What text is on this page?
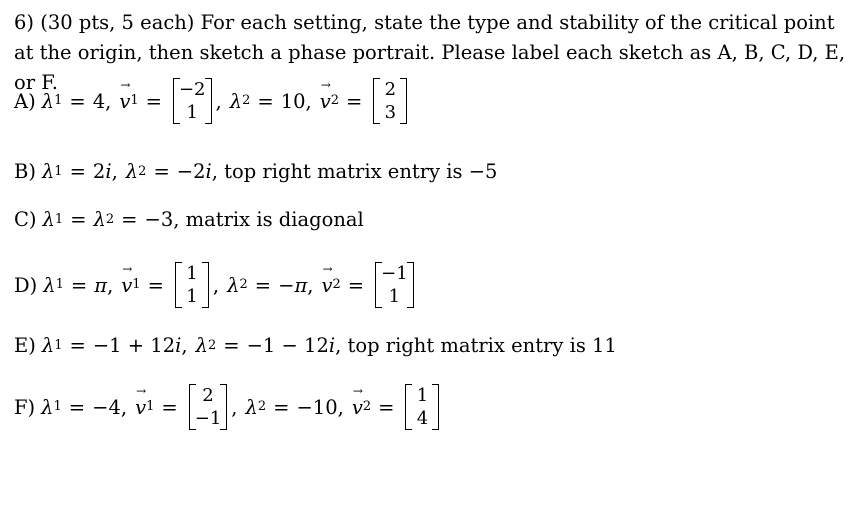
6) (30 pts, 5 each) For each setting, state the type and stability of the critical point at the origin, then sketch a phase portrait. Please label each sketch as A, B, C, D, E, or F.
A) λ 1 = 4 ,
→
v 1 = −2
1 , λ 2 = 10 ,
→
v 2 = 2
3
B) λ 1 = 2 i , λ 2 = −2 i , top right matrix entry is −5
C) λ 1 = λ 2 = −3 , matrix is diagonal
D) λ 1 = π ,
→
v 1 = 1
1 , λ 2 = −π ,
→
v 2 = −1
1
E) λ 1 = −1 + 12 i , λ 2 = −1 − 12 i , top right matrix entry is 11
F) λ 1 = −4 ,
→
v 1 =	2
−1 , λ 2 = −10 ,
→
v 2 = 1
4
